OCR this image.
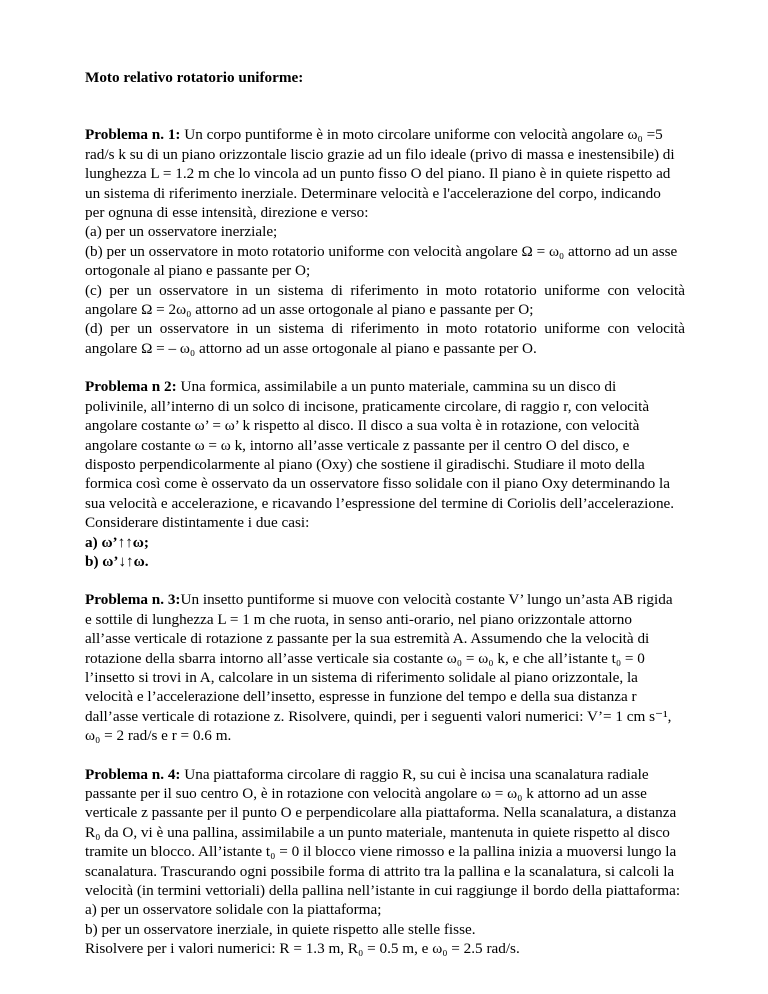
Moto relativo rotatorio uniforme:
Problema n. 1: Un corpo puntiforme è in moto circolare uniforme con velocità angolare ω₀ =5
rad/s k su di un piano orizzontale liscio grazie ad un filo ideale (privo di massa e inestensibile) di
lunghezza L = 1.2 m che lo vincola ad un punto fisso O del piano. Il piano è in quiete rispetto ad
un sistema di riferimento inerziale. Determinare velocità e l'accelerazione del corpo, indicando
per ognuna di esse intensità, direzione e verso:
(a) per un osservatore inerziale;
(b) per un osservatore in moto rotatorio uniforme con velocità angolare Ω = ω₀ attorno ad un asse
ortogonale al piano e passante per O;
(c) per un osservatore in un sistema di riferimento in moto rotatorio uniforme con velocità
angolare Ω = 2ω₀ attorno ad un asse ortogonale al piano e passante per O;
(d) per un osservatore in un sistema di riferimento in moto rotatorio uniforme con velocità
angolare Ω = – ω₀ attorno ad un asse ortogonale al piano e passante per O.
Problema n 2: Una formica, assimilabile a un punto materiale, cammina su un disco di
polivinile, all’interno di un solco di incisone, praticamente circolare, di raggio r, con velocità
angolare costante ω’ = ω’ k rispetto al disco. Il disco a sua volta è in rotazione, con velocità
angolare costante ω = ω k, intorno all’asse verticale z passante per il centro O del disco, e
disposto perpendicolarmente al piano (Oxy) che sostiene il giradischi. Studiare il moto della
formica così come è osservato da un osservatore fisso solidale con il piano Oxy determinando la
sua velocità e accelerazione, e ricavando l’espressione del termine di Coriolis dell’accelerazione.
Considerare distintamente i due casi:
a) ω’↑↑ω;
b) ω’↓↑ω.
Problema n. 3:Un insetto puntiforme si muove con velocità costante V’ lungo un’asta AB rigida
e sottile di lunghezza L = 1 m che ruota, in senso anti-orario, nel piano orizzontale attorno
all’asse verticale di rotazione z passante per la sua estremità A. Assumendo che la velocità di
rotazione della sbarra intorno all’asse verticale sia costante ω₀ = ω₀ k, e che all’istante t₀ = 0
l’insetto si trovi in A, calcolare in un sistema di riferimento solidale al piano orizzontale, la
velocità e l’accelerazione dell’insetto, espresse in funzione del tempo e della sua distanza r
dall’asse verticale di rotazione z. Risolvere, quindi, per i seguenti valori numerici: V’= 1 cm s⁻¹,
ω₀ = 2 rad/s e r = 0.6 m.
Problema n. 4: Una piattaforma circolare di raggio R, su cui è incisa una scanalatura radiale
passante per il suo centro O, è in rotazione con velocità angolare ω = ω₀ k attorno ad un asse
verticale z passante per il punto O e perpendicolare alla piattaforma. Nella scanalatura, a distanza
R₀ da O, vi è una pallina, assimilabile a un punto materiale, mantenuta in quiete rispetto al disco
tramite un blocco. All’istante t₀ = 0 il blocco viene rimosso e la pallina inizia a muoversi lungo la
scanalatura. Trascurando ogni possibile forma di attrito tra la pallina e la scanalatura, si calcoli la
velocità (in termini vettoriali) della pallina nell’istante in cui raggiunge il bordo della piattaforma:
a) per un osservatore solidale con la piattaforma;
b) per un osservatore inerziale, in quiete rispetto alle stelle fisse.
Risolvere per i valori numerici: R = 1.3 m, R₀ = 0.5 m, e ω₀ = 2.5 rad/s.
